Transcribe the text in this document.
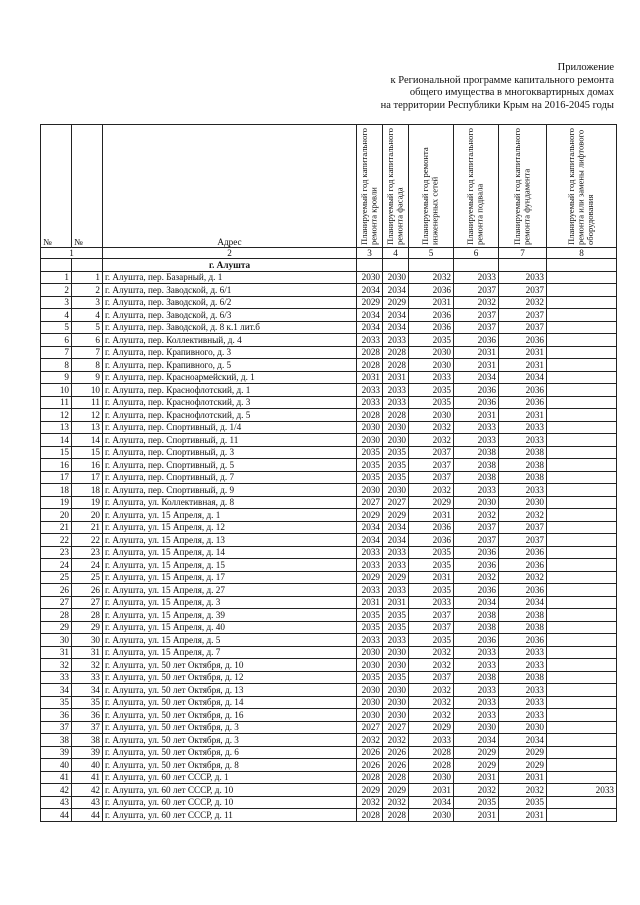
Приложение
к Региональной программе капитального ремонта
общего имущества в многоквартирных домах
на территории Республики Крым на 2016-2045 годы
№	№	Адрес	Планируемый год капитального ремонта кровли	Планируемый год капитального ремонта фасада	Планируемый год ремонта инженерных сетей	Планируемый год капитального ремонта подвала	Планируемый год капитального ремонта фундамента	Планируемый год капитального ремонта или замены лифтового оборудования
1		2	3	4	5	6	7	8
		г. Алушта						
1	1	г. Алушта, пер. Базарный, д. 1	2030	2030	2032	2033	2033	
2	2	г. Алушта, пер. Заводской, д. 6/1	2034	2034	2036	2037	2037	
3	3	г. Алушта, пер. Заводской, д. 6/2	2029	2029	2031	2032	2032	
4	4	г. Алушта, пер. Заводской, д. 6/3	2034	2034	2036	2037	2037	
5	5	г. Алушта, пер. Заводской, д. 8 к.1 лит.б	2034	2034	2036	2037	2037	
6	6	г. Алушта, пер. Коллективный, д. 4	2033	2033	2035	2036	2036	
7	7	г. Алушта, пер. Крапивного, д. 3	2028	2028	2030	2031	2031	
8	8	г. Алушта, пер. Крапивного, д. 5	2028	2028	2030	2031	2031	
9	9	г. Алушта, пер. Красноармейский, д. 1	2031	2031	2033	2034	2034	
10	10	г. Алушта, пер. Краснофлотский, д. 1	2033	2033	2035	2036	2036	
11	11	г. Алушта, пер. Краснофлотский, д. 3	2033	2033	2035	2036	2036	
12	12	г. Алушта, пер. Краснофлотский, д. 5	2028	2028	2030	2031	2031	
13	13	г. Алушта, пер. Спортивный, д. 1/4	2030	2030	2032	2033	2033	
14	14	г. Алушта, пер. Спортивный, д. 11	2030	2030	2032	2033	2033	
15	15	г. Алушта, пер. Спортивный, д. 3	2035	2035	2037	2038	2038	
16	16	г. Алушта, пер. Спортивный, д. 5	2035	2035	2037	2038	2038	
17	17	г. Алушта, пер. Спортивный, д. 7	2035	2035	2037	2038	2038	
18	18	г. Алушта, пер. Спортивный, д. 9	2030	2030	2032	2033	2033	
19	19	г. Алушта, ул. Коллективная, д. 8	2027	2027	2029	2030	2030	
20	20	г. Алушта, ул. 15 Апреля, д. 1	2029	2029	2031	2032	2032	
21	21	г. Алушта, ул. 15 Апреля, д. 12	2034	2034	2036	2037	2037	
22	22	г. Алушта, ул. 15 Апреля, д. 13	2034	2034	2036	2037	2037	
23	23	г. Алушта, ул. 15 Апреля, д. 14	2033	2033	2035	2036	2036	
24	24	г. Алушта, ул. 15 Апреля, д. 15	2033	2033	2035	2036	2036	
25	25	г. Алушта, ул. 15 Апреля, д. 17	2029	2029	2031	2032	2032	
26	26	г. Алушта, ул. 15 Апреля, д. 27	2033	2033	2035	2036	2036	
27	27	г. Алушта, ул. 15 Апреля, д. 3	2031	2031	2033	2034	2034	
28	28	г. Алушта, ул. 15 Апреля, д. 39	2035	2035	2037	2038	2038	
29	29	г. Алушта, ул. 15 Апреля, д. 40	2035	2035	2037	2038	2038	
30	30	г. Алушта, ул. 15 Апреля, д. 5	2033	2033	2035	2036	2036	
31	31	г. Алушта, ул. 15 Апреля, д. 7	2030	2030	2032	2033	2033	
32	32	г. Алушта, ул. 50 лет Октября, д. 10	2030	2030	2032	2033	2033	
33	33	г. Алушта, ул. 50 лет Октября, д. 12	2035	2035	2037	2038	2038	
34	34	г. Алушта, ул. 50 лет Октября, д. 13	2030	2030	2032	2033	2033	
35	35	г. Алушта, ул. 50 лет Октября, д. 14	2030	2030	2032	2033	2033	
36	36	г. Алушта, ул. 50 лет Октября, д. 16	2030	2030	2032	2033	2033	
37	37	г. Алушта, ул. 50 лет Октября, д. 3	2027	2027	2029	2030	2030	
38	38	г. Алушта, ул. 50 лет Октября, д. 3	2032	2032	2033	2034	2034	
39	39	г. Алушта, ул. 50 лет Октября, д. 6	2026	2026	2028	2029	2029	
40	40	г. Алушта, ул. 50 лет Октября, д. 8	2026	2026	2028	2029	2029	
41	41	г. Алушта, ул. 60 лет СССР, д. 1	2028	2028	2030	2031	2031	
42	42	г. Алушта, ул. 60 лет СССР, д. 10	2029	2029	2031	2032	2032	2033
43	43	г. Алушта, ул. 60 лет СССР, д. 10	2032	2032	2034	2035	2035	
44	44	г. Алушта, ул. 60 лет СССР, д. 11	2028	2028	2030	2031	2031	
